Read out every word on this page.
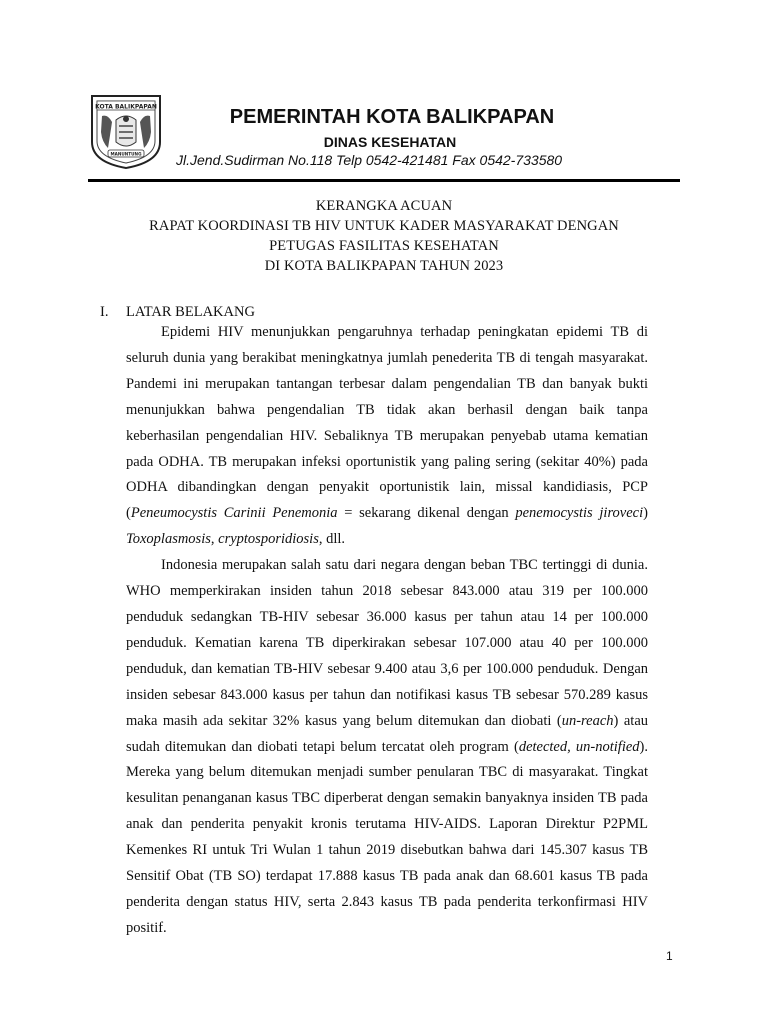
KOTA BALIKPAPAN
MANUNTUNG
PEMERINTAH KOTA BALIKPAPAN
DINAS KESEHATAN
Jl.Jend.Sudirman No.118 Telp 0542-421481 Fax 0542-733580
KERANGKA ACUAN
RAPAT KOORDINASI TB HIV UNTUK KADER MASYARAKAT DENGAN
PETUGAS FASILITAS KESEHATAN
DI KOTA BALIKPAPAN TAHUN 2023
I. LATAR BELAKANG

Epidemi HIV menunjukkan pengaruhnya terhadap peningkatan epidemi TB di seluruh dunia yang berakibat meningkatnya jumlah penederita TB di tengah masyarakat. Pandemi ini merupakan tantangan terbesar dalam pengendalian TB dan banyak bukti menunjukkan bahwa pengendalian TB tidak akan berhasil dengan baik tanpa keberhasilan pengendalian HIV. Sebaliknya TB merupakan penyebab utama kematian pada ODHA. TB merupakan infeksi oportunistik yang paling sering (sekitar 40%) pada ODHA dibandingkan dengan penyakit oportunistik lain, missal kandidiasis, PCP (Peneumocystis Carinii Penemonia = sekarang dikenal dengan penemocystis jiroveci) Toxoplasmosis, cryptosporidiosis, dll.

Indonesia merupakan salah satu dari negara dengan beban TBC tertinggi di dunia. WHO memperkirakan insiden tahun 2018 sebesar 843.000 atau 319 per 100.000 penduduk sedangkan TB-HIV sebesar 36.000 kasus per tahun atau 14 per 100.000 penduduk. Kematian karena TB diperkirakan sebesar 107.000 atau 40 per 100.000 penduduk, dan kematian TB-HIV sebesar 9.400 atau 3,6 per 100.000 penduduk. Dengan insiden sebesar 843.000 kasus per tahun dan notifikasi kasus TB sebesar 570.289 kasus maka masih ada sekitar 32% kasus yang belum ditemukan dan diobati (un-reach) atau sudah ditemukan dan diobati tetapi belum tercatat oleh program (detected, un-notified). Mereka yang belum ditemukan menjadi sumber penularan TBC di masyarakat. Tingkat kesulitan penanganan kasus TBC diperberat dengan semakin banyaknya insiden TB pada anak dan penderita penyakit kronis terutama HIV-AIDS. Laporan Direktur P2PML Kemenkes RI untuk Tri Wulan 1 tahun 2019 disebutkan bahwa dari 145.307 kasus TB Sensitif Obat (TB SO) terdapat 17.888 kasus TB pada anak dan 68.601 kasus TB pada penderita dengan status HIV, serta 2.843 kasus TB pada penderita terkonfirmasi HIV positif.

1
